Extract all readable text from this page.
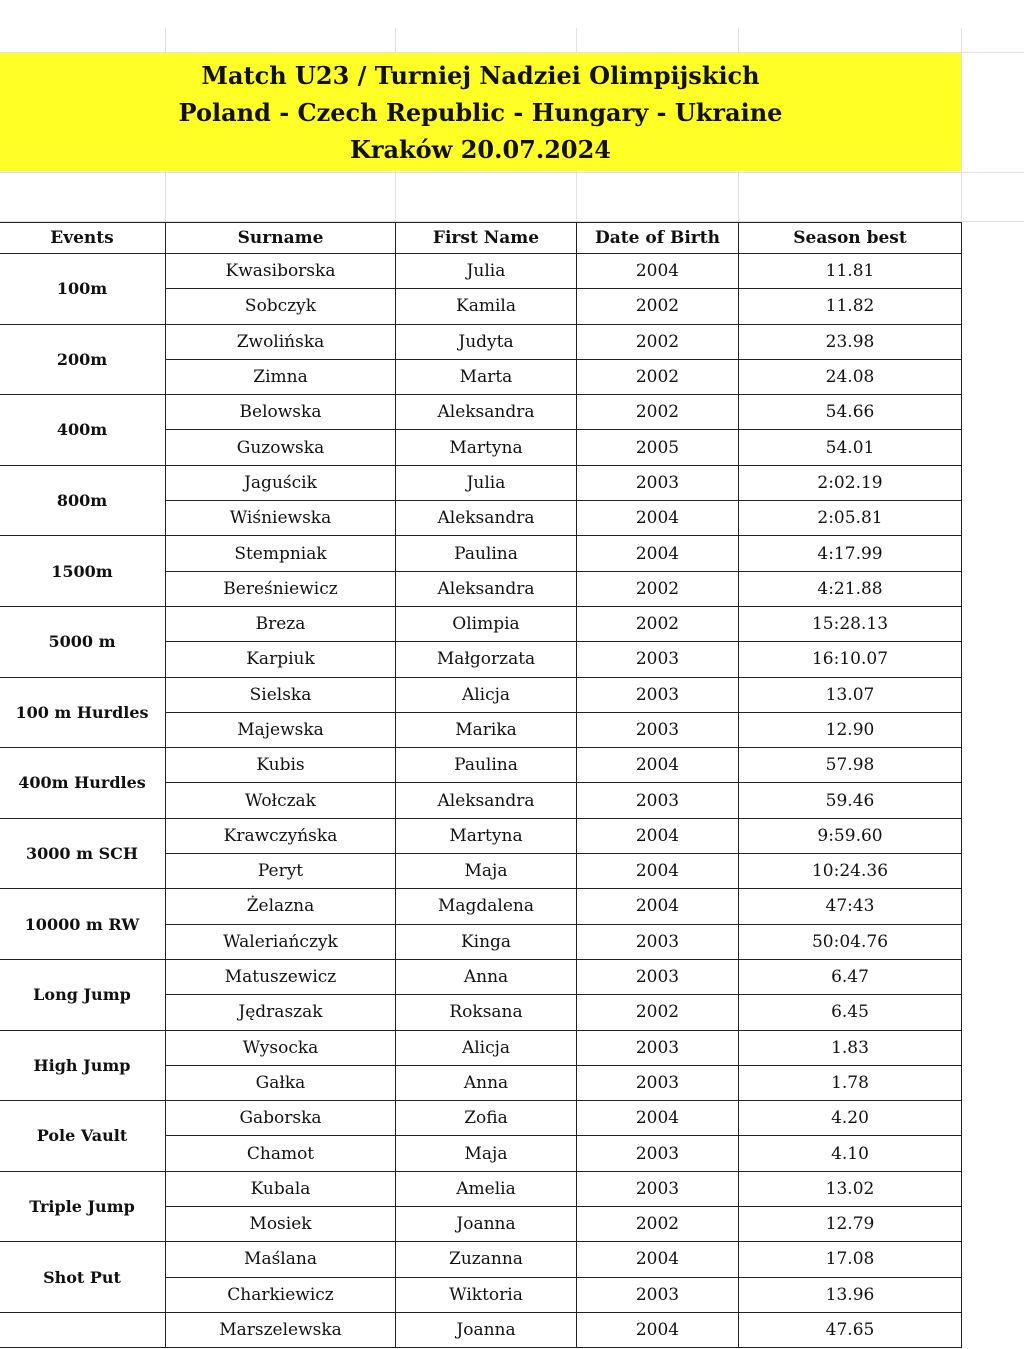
Match U23 / Turniej Nadziei Olimpijskich
Poland - Czech Republic - Hungary - Ukraine
Kraków 20.07.2024
Events	Surname	First Name	Date of Birth	Season best
100m	Kwasiborska	Julia	2004	11.81
	Sobczyk	Kamila	2002	11.82
200m	Zwolińska	Judyta	2002	23.98
	Zimna	Marta	2002	24.08
400m	Belowska	Aleksandra	2002	54.66
	Guzowska	Martyna	2005	54.01
800m	Jaguścik	Julia	2003	2:02.19
	Wiśniewska	Aleksandra	2004	2:05.81
1500m	Stempniak	Paulina	2004	4:17.99
	Bereśniewicz	Aleksandra	2002	4:21.88
5000 m	Breza	Olimpia	2002	15:28.13
	Karpiuk	Małgorzata	2003	16:10.07
100 m Hurdles	Sielska	Alicja	2003	13.07
	Majewska	Marika	2003	12.90
400m Hurdles	Kubis	Paulina	2004	57.98
	Wołczak	Aleksandra	2003	59.46
3000 m SCH	Krawczyńska	Martyna	2004	9:59.60
	Peryt	Maja	2004	10:24.36
10000 m RW	Żelazna	Magdalena	2004	47:43
	Waleriańczyk	Kinga	2003	50:04.76
Long Jump	Matuszewicz	Anna	2003	6.47
	Jędraszak	Roksana	2002	6.45
High Jump	Wysocka	Alicja	2003	1.83
	Gałka	Anna	2003	1.78
Pole Vault	Gaborska	Zofia	2004	4.20
	Chamot	Maja	2003	4.10
Triple Jump	Kubala	Amelia	2003	13.02
	Mosiek	Joanna	2002	12.79
Shot Put	Maślana	Zuzanna	2004	17.08
	Charkiewicz	Wiktoria	2003	13.96
	Marszelewska	Joanna	2004	47.65
